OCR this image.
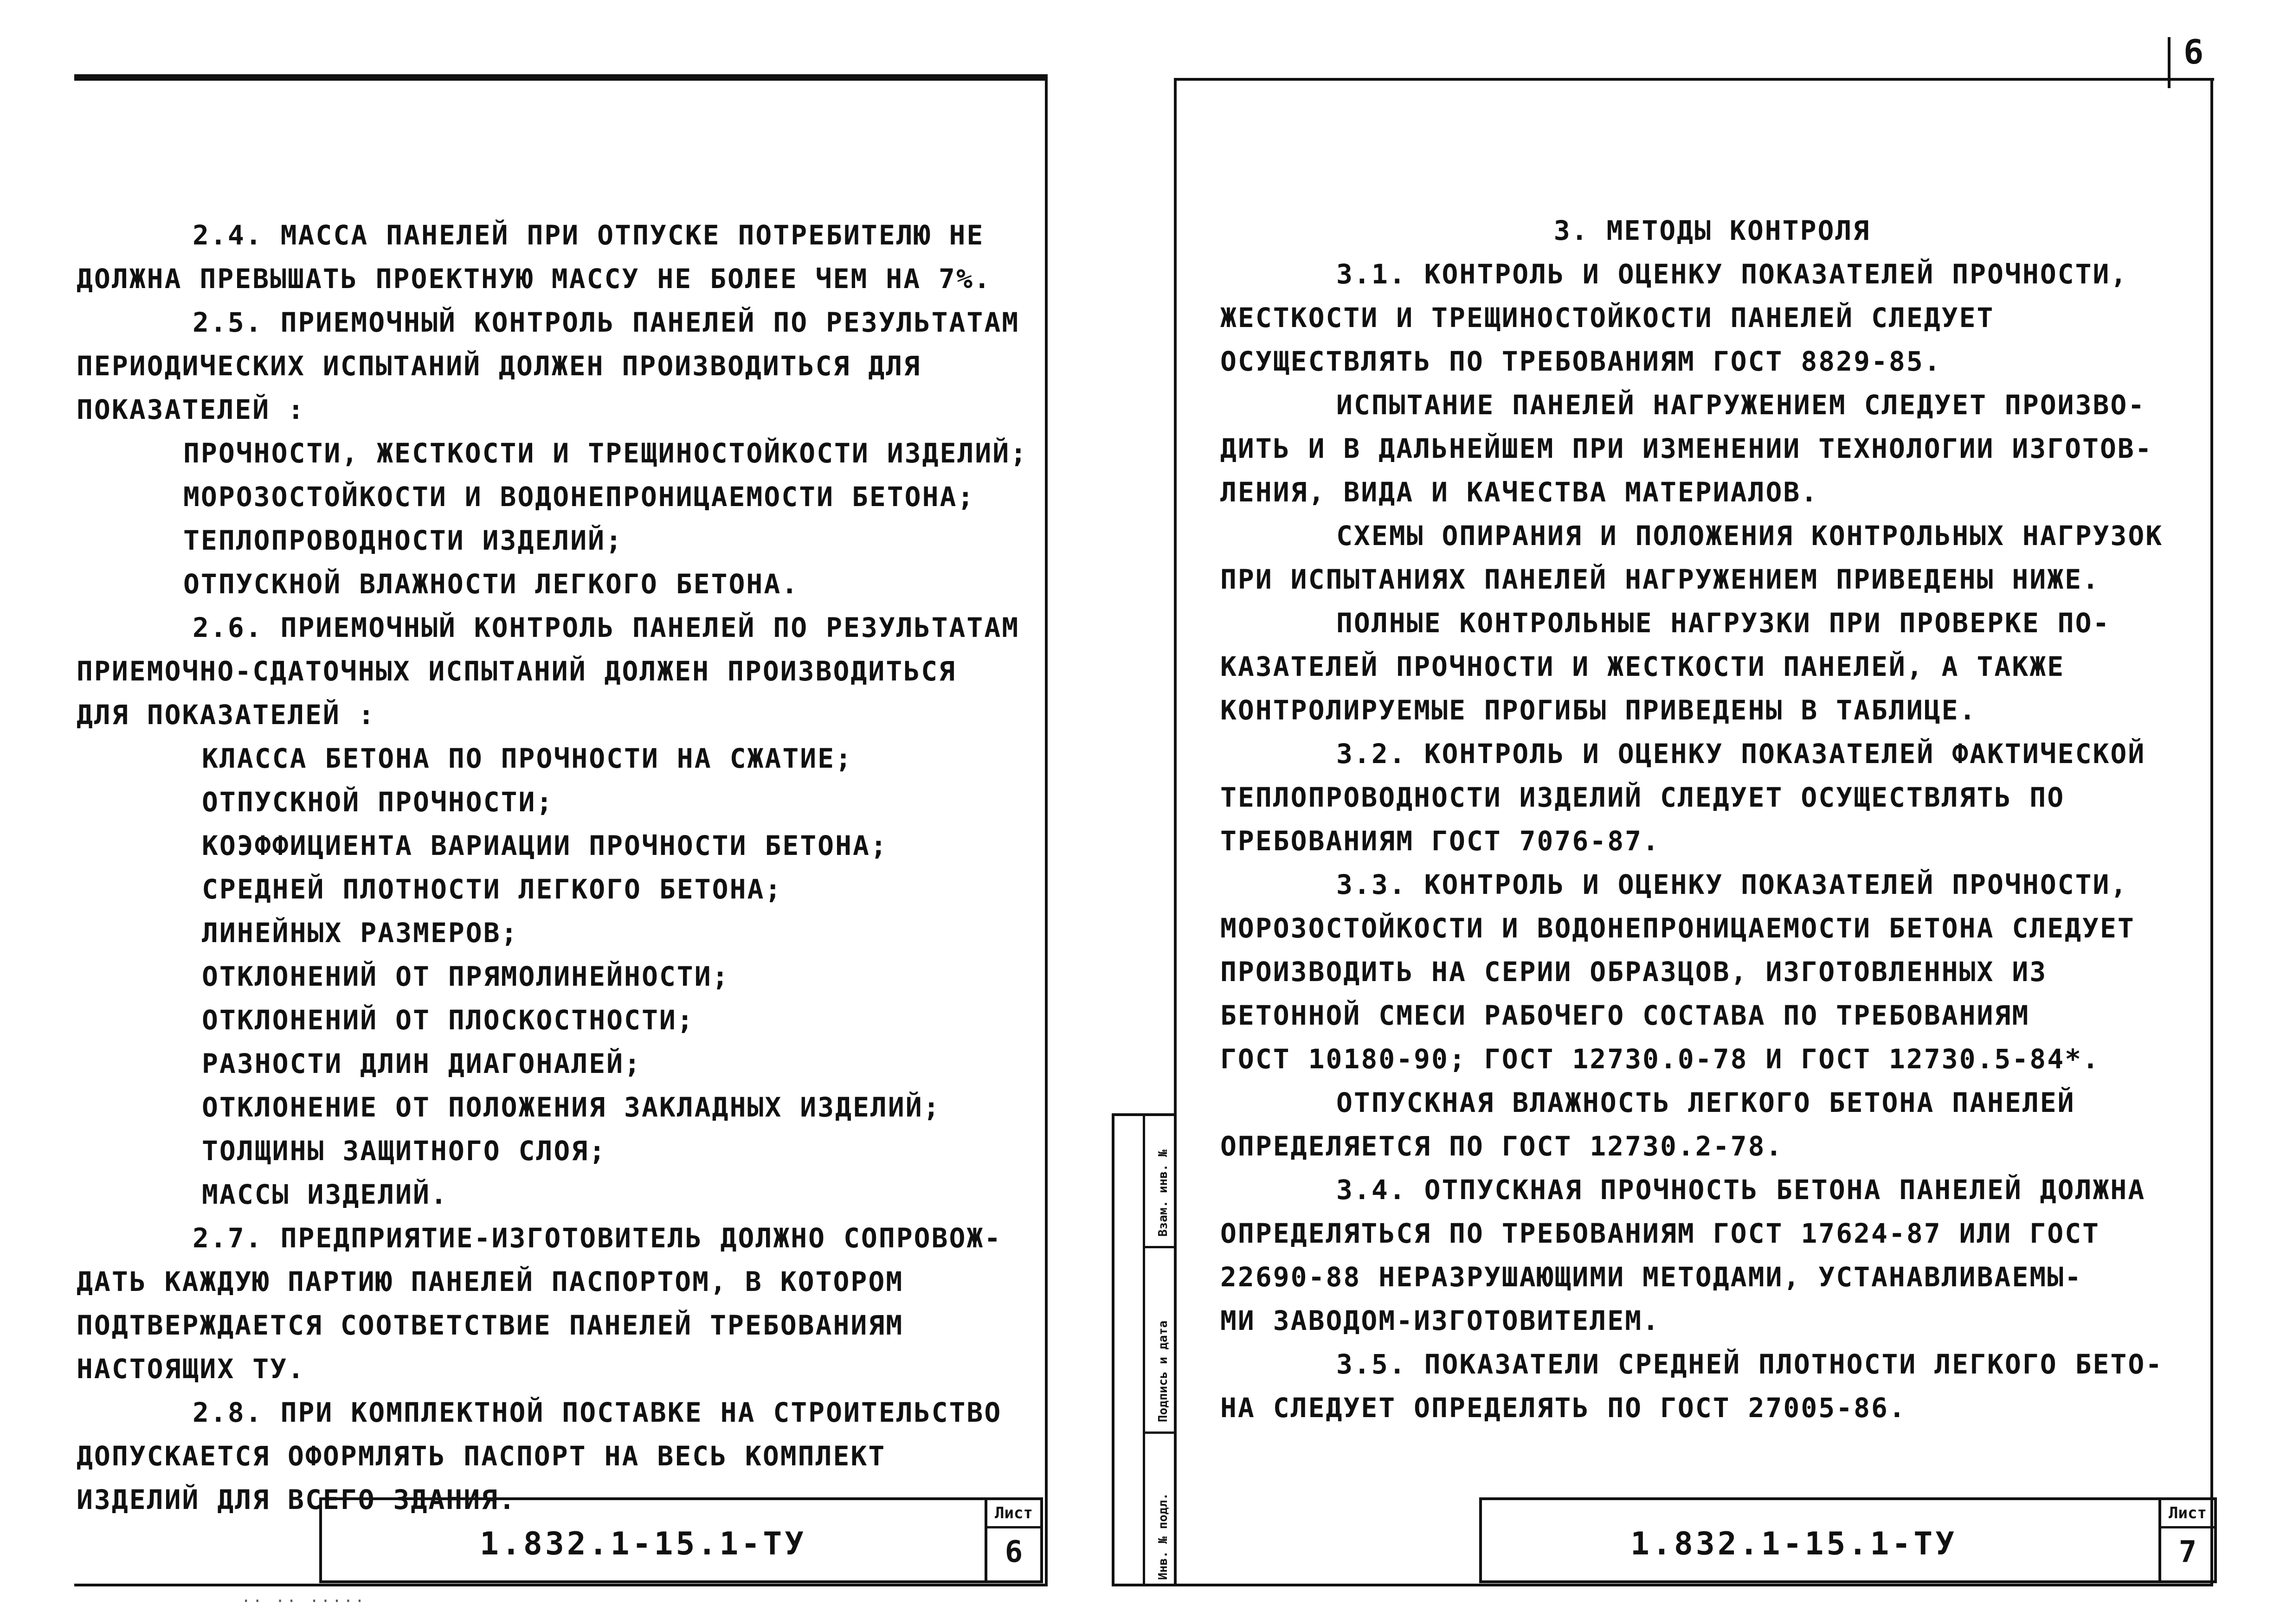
6

2.4. МАССА ПАНЕЛЕЙ ПРИ ОТПУСКЕ ПОТРЕБИТЕЛЮ НЕ

ДОЛЖНА ПРЕВЫШАТЬ ПРОЕКТНУЮ МАССУ НЕ БОЛЕЕ ЧЕМ НА 7%.

2.5. ПРИЕМОЧНЫЙ КОНТРОЛЬ ПАНЕЛЕЙ ПО РЕЗУЛЬТАТАМ

ПЕРИОДИЧЕСКИХ ИСПЫТАНИЙ ДОЛЖЕН ПРОИЗВОДИТЬСЯ ДЛЯ

ПОКАЗАТЕЛЕЙ :

ПРОЧНОСТИ, ЖЕСТКОСТИ И ТРЕЩИНОСТОЙКОСТИ ИЗДЕЛИЙ;

МОРОЗОСТОЙКОСТИ И ВОДОНЕПРОНИЦАЕМОСТИ БЕТОНА;

ТЕПЛОПРОВОДНОСТИ ИЗДЕЛИЙ;

ОТПУСКНОЙ ВЛАЖНОСТИ ЛЕГКОГО БЕТОНА.

2.6. ПРИЕМОЧНЫЙ КОНТРОЛЬ ПАНЕЛЕЙ ПО РЕЗУЛЬТАТАМ

ПРИЕМОЧНО-СДАТОЧНЫХ ИСПЫТАНИЙ ДОЛЖЕН ПРОИЗВОДИТЬСЯ

ДЛЯ ПОКАЗАТЕЛЕЙ :

КЛАССА БЕТОНА ПО ПРОЧНОСТИ НА СЖАТИЕ;

ОТПУСКНОЙ ПРОЧНОСТИ;

КОЭФФИЦИЕНТА ВАРИАЦИИ ПРОЧНОСТИ БЕТОНА;

СРЕДНЕЙ ПЛОТНОСТИ ЛЕГКОГО БЕТОНА;

ЛИНЕЙНЫХ РАЗМЕРОВ;

ОТКЛОНЕНИЙ ОТ ПРЯМОЛИНЕЙНОСТИ;

ОТКЛОНЕНИЙ ОТ ПЛОСКОСТНОСТИ;

РАЗНОСТИ ДЛИН ДИАГОНАЛЕЙ;

ОТКЛОНЕНИЕ ОТ ПОЛОЖЕНИЯ ЗАКЛАДНЫХ ИЗДЕЛИЙ;

ТОЛЩИНЫ ЗАЩИТНОГО СЛОЯ;

МАССЫ ИЗДЕЛИЙ.

2.7. ПРЕДПРИЯТИЕ-ИЗГОТОВИТЕЛЬ ДОЛЖНО СОПРОВОЖ-

ДАТЬ КАЖДУЮ ПАРТИЮ ПАНЕЛЕЙ ПАСПОРТОМ, В КОТОРОМ

ПОДТВЕРЖДАЕТСЯ СООТВЕТСТВИЕ ПАНЕЛЕЙ ТРЕБОВАНИЯМ

НАСТОЯЩИХ ТУ.

2.8. ПРИ КОМПЛЕКТНОЙ ПОСТАВКЕ НА СТРОИТЕЛЬСТВО

ДОПУСКАЕТСЯ ОФОРМЛЯТЬ ПАСПОРТ НА ВЕСЬ КОМПЛЕКТ

ИЗДЕЛИЙ ДЛЯ ВСЕГО ЗДАНИЯ.

1.832.1-15.1-ТУ
Лист
6
·· ·· ·····
Инв. № подл.
Подпись и дата
Взам. инв. №

3. МЕТОДЫ КОНТРОЛЯ

3.1. КОНТРОЛЬ И ОЦЕНКУ ПОКАЗАТЕЛЕЙ ПРОЧНОСТИ,

ЖЕСТКОСТИ И ТРЕЩИНОСТОЙКОСТИ ПАНЕЛЕЙ СЛЕДУЕТ

ОСУЩЕСТВЛЯТЬ ПО ТРЕБОВАНИЯМ ГОСТ 8829-85.

ИСПЫТАНИЕ ПАНЕЛЕЙ НАГРУЖЕНИЕМ СЛЕДУЕТ ПРОИЗВО-

ДИТЬ И В ДАЛЬНЕЙШЕМ ПРИ ИЗМЕНЕНИИ ТЕХНОЛОГИИ ИЗГОТОВ-

ЛЕНИЯ, ВИДА И КАЧЕСТВА МАТЕРИАЛОВ.

СХЕМЫ ОПИРАНИЯ И ПОЛОЖЕНИЯ КОНТРОЛЬНЫХ НАГРУЗОК

ПРИ ИСПЫТАНИЯХ ПАНЕЛЕЙ НАГРУЖЕНИЕМ ПРИВЕДЕНЫ НИЖЕ.

ПОЛНЫЕ КОНТРОЛЬНЫЕ НАГРУЗКИ ПРИ ПРОВЕРКЕ ПО-

КАЗАТЕЛЕЙ ПРОЧНОСТИ И ЖЕСТКОСТИ ПАНЕЛЕЙ, А ТАКЖЕ

КОНТРОЛИРУЕМЫЕ ПРОГИБЫ ПРИВЕДЕНЫ В ТАБЛИЦЕ.

3.2. КОНТРОЛЬ И ОЦЕНКУ ПОКАЗАТЕЛЕЙ ФАКТИЧЕСКОЙ

ТЕПЛОПРОВОДНОСТИ ИЗДЕЛИЙ СЛЕДУЕТ ОСУЩЕСТВЛЯТЬ ПО

ТРЕБОВАНИЯМ ГОСТ 7076-87.

3.3. КОНТРОЛЬ И ОЦЕНКУ ПОКАЗАТЕЛЕЙ ПРОЧНОСТИ,

МОРОЗОСТОЙКОСТИ И ВОДОНЕПРОНИЦАЕМОСТИ БЕТОНА СЛЕДУЕТ

ПРОИЗВОДИТЬ НА СЕРИИ ОБРАЗЦОВ, ИЗГОТОВЛЕННЫХ ИЗ

БЕТОННОЙ СМЕСИ РАБОЧЕГО СОСТАВА ПО ТРЕБОВАНИЯМ

ГОСТ 10180-90; ГОСТ 12730.0-78 И ГОСТ 12730.5-84*.

ОТПУСКНАЯ ВЛАЖНОСТЬ ЛЕГКОГО БЕТОНА ПАНЕЛЕЙ

ОПРЕДЕЛЯЕТСЯ ПО ГОСТ 12730.2-78.

3.4. ОТПУСКНАЯ ПРОЧНОСТЬ БЕТОНА ПАНЕЛЕЙ ДОЛЖНА

ОПРЕДЕЛЯТЬСЯ ПО ТРЕБОВАНИЯМ ГОСТ 17624-87 ИЛИ ГОСТ

22690-88 НЕРАЗРУШАЮЩИМИ МЕТОДАМИ, УСТАНАВЛИВАЕМЫ-

МИ ЗАВОДОМ-ИЗГОТОВИТЕЛЕМ.

3.5. ПОКАЗАТЕЛИ СРЕДНЕЙ ПЛОТНОСТИ ЛЕГКОГО БЕТО-

НА СЛЕДУЕТ ОПРЕДЕЛЯТЬ ПО ГОСТ 27005-86.

1.832.1-15.1-ТУ
Лист
7
